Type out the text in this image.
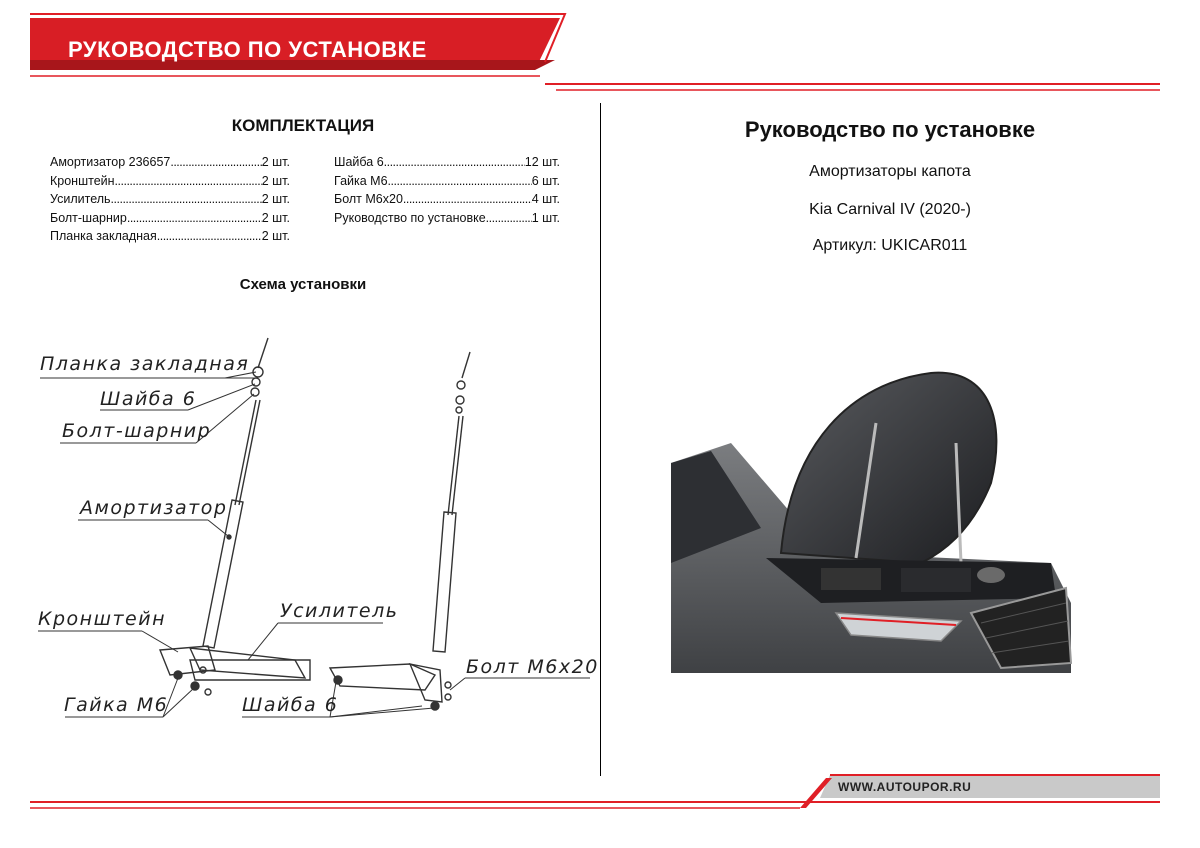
РУКОВОДСТВО ПО УСТАНОВКЕ
WWW.AUTOUPOR.RU
КОМПЛЕКТАЦИЯ
Амортизатор 236657 .....	2 шт.
Кронштейн .....	2 шт.
Усилитель .....	2 шт.
Болт-шарнир .....	2 шт.
Планка закладная .....	2 шт.
Шайба 6 .....	12 шт.
Гайка М6 .....	6 шт.
Болт М6х20 .....	4 шт.
Руководство по установке .....	1 шт.
Схема установки
Планка закладная
Шайба 6
Болт-шарнир
Амортизатор
Кронштейн	Усилитель
Болт М6х20
Гайка М6	Шайба 6
Руководство по установке
Амортизаторы капота
Kia Carnival IV (2020-)
Артикул: UKICAR011
